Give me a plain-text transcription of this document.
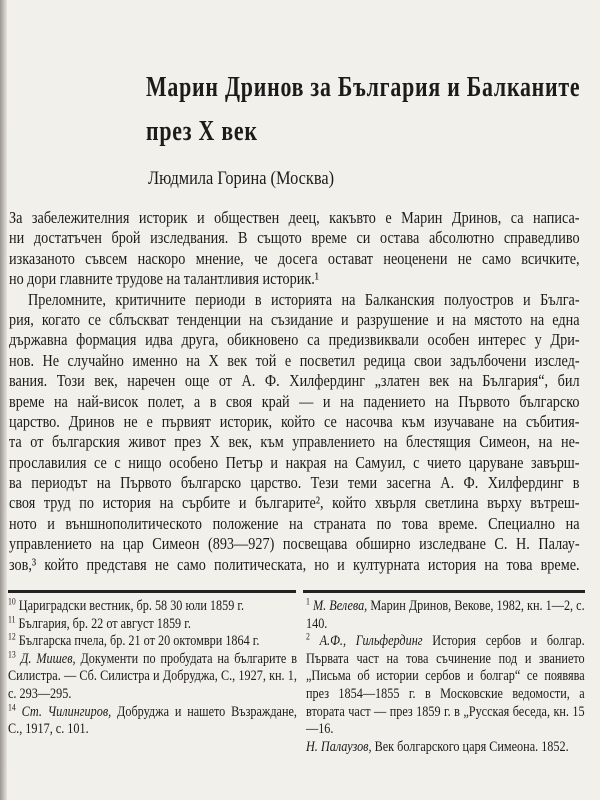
Марин Дринов за България и Балканите
през X век
Людмила Горина (Москва)
За забележителния историк и обществен деец, какъвто е Марин Дринов, са написа-
ни достатъчен брой изследвания. В същото време си остава абсолютно справедливо
изказаното съвсем наскоро мнение, че досега остават неоценени не само всичките,
но дори главните трудове на талантливия историк.¹
Преломните, критичните периоди в историята на Балканския полуостров и Бълга-
рия, когато се сблъскват тенденции на съзидание и разрушение и на мястото на една
държавна формация идва друга, обикновено са предизвиквали особен интерес у Дри-
нов. Не случайно именно на X век той е посветил редица свои задълбочени изслед-
вания. Този век, наречен още от А. Ф. Хилфердинг „златен век на България“, бил
време на най-висок полет, а в своя край — и на падението на Първото българско
царство. Дринов не е първият историк, който се насочва към изучаване на събития-
та от българския живот през X век, към управлението на блестящия Симеон, на не-
прославилия се с нищо особено Петър и накрая на Самуил, с чието царуване завърш-
ва периодът на Първото българско царство. Тези теми засегна А. Ф. Хилфердинг в
своя труд по история на сърбите и българите², който хвърля светлина върху вътреш-
ното и външнополитическото положение на страната по това време. Специално на
управлението на цар Симеон (893—927) посвещава обширно изследване С. Н. Палау-
зов,³ който представя не само политическата, но и културната история на това време.

$^{10}$ Цариградски вестник, бр. 58 30 юли 1859 г.

$^{11}$ България, бр. 22 от август 1859 г.

$^{12}$ Българска пчела, бр. 21 от 20 октомври 1864 г.

$^{13}$ Д. Мишев, Документи по пробудата на българите в Силистра. — Сб. Силистра и Добруджа, С., 1927, кн. 1, с. 293—295.

$^{14}$ Ст. Чилингиров, Добруджа и нашето Възраждане, С., 1917, с. 101.

$^1$ М. Велева, Марин Дринов, Векове, 1982, кн. 1—2, с. 140.

$^2$ А.Ф., Гильфердинг История сербов и болгар. Първата част на това съчинение под и званието „Письма об истории сербов и болгар“ се появява през 1854—1855 г. в Московские ведомости, а втората част — през 1859 г. в „Русская беседа, кн. 15—16.

Н. Палаузов, Век болгарского царя Симеона. 1852.
